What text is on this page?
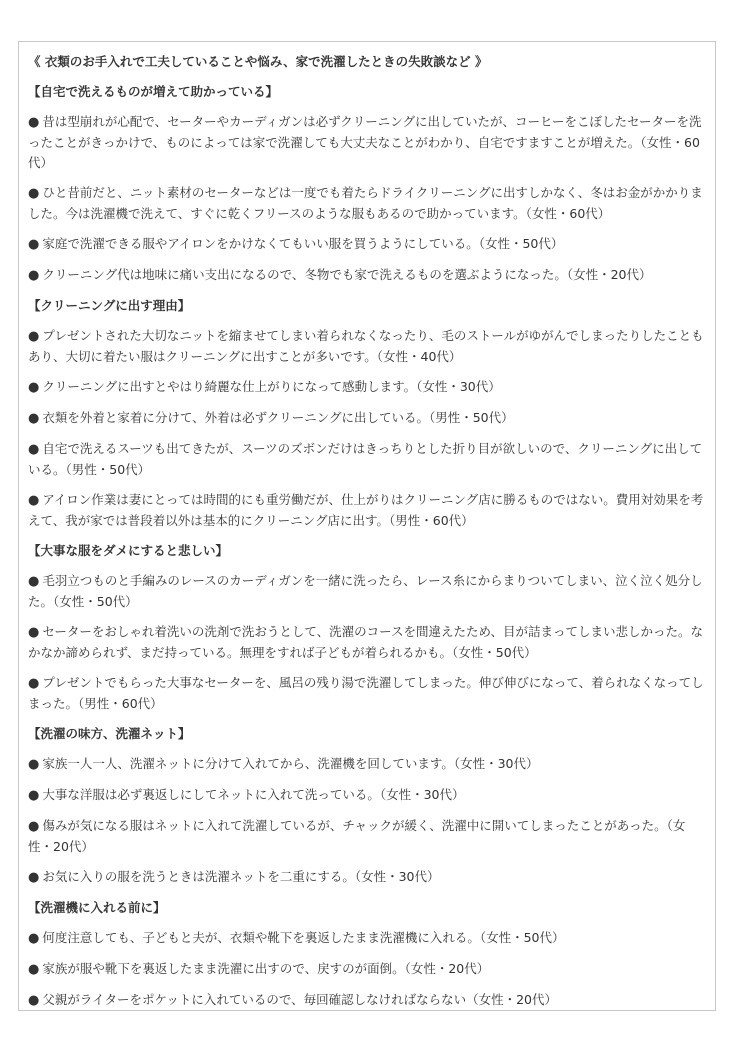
《 衣類のお手入れで工夫していることや悩み、家で洗濯したときの失敗談など 》

【自宅で洗えるものが増えて助かっている】

● 昔は型崩れが心配で、セーターやカーディガンは必ずクリーニングに出していたが、コーヒーをこぼしたセーターを洗ったことがきっかけで、ものによっては家で洗濯しても大丈夫なことがわかり、自宅ですますことが増えた。（女性・60代）

● ひと昔前だと、ニット素材のセーターなどは一度でも着たらドライクリーニングに出すしかなく、冬はお金がかかりました。今は洗濯機で洗えて、すぐに乾くフリースのような服もあるので助かっています。（女性・60代）

● 家庭で洗濯できる服やアイロンをかけなくてもいい服を買うようにしている。（女性・50代）

● クリーニング代は地味に痛い支出になるので、冬物でも家で洗えるものを選ぶようになった。（女性・20代）

【クリーニングに出す理由】

● プレゼントされた大切なニットを縮ませてしまい着られなくなったり、毛のストールがゆがんでしまったりしたこともあり、大切に着たい服はクリーニングに出すことが多いです。（女性・40代）

● クリーニングに出すとやはり綺麗な仕上がりになって感動します。（女性・30代）

● 衣類を外着と家着に分けて、外着は必ずクリーニングに出している。（男性・50代）

● 自宅で洗えるスーツも出てきたが、スーツのズボンだけはきっちりとした折り目が欲しいので、クリーニングに出している。（男性・50代）

● アイロン作業は妻にとっては時間的にも重労働だが、仕上がりはクリーニング店に勝るものではない。費用対効果を考えて、我が家では普段着以外は基本的にクリーニング店に出す。（男性・60代）

【大事な服をダメにすると悲しい】

● 毛羽立つものと手編みのレースのカーディガンを一緒に洗ったら、レース糸にからまりついてしまい、泣く泣く処分した。（女性・50代）

● セーターをおしゃれ着洗いの洗剤で洗おうとして、洗濯のコースを間違えたため、目が詰まってしまい悲しかった。なかなか諦められず、まだ持っている。無理をすれば子どもが着られるかも。（女性・50代）

● プレゼントでもらった大事なセーターを、風呂の残り湯で洗濯してしまった。伸び伸びになって、着られなくなってしまった。（男性・60代）

【洗濯の味方、洗濯ネット】

● 家族一人一人、洗濯ネットに分けて入れてから、洗濯機を回しています。（女性・30代）

● 大事な洋服は必ず裏返しにしてネットに入れて洗っている。（女性・30代）

● 傷みが気になる服はネットに入れて洗濯しているが、チャックが緩く、洗濯中に開いてしまったことがあった。（女性・20代）

● お気に入りの服を洗うときは洗濯ネットを二重にする。（女性・30代）

【洗濯機に入れる前に】

● 何度注意しても、子どもと夫が、衣類や靴下を裏返したまま洗濯機に入れる。（女性・50代）

● 家族が服や靴下を裏返したまま洗濯に出すので、戻すのが面倒。（女性・20代）

● 父親がライターをポケットに入れているので、毎回確認しなければならない（女性・20代）
